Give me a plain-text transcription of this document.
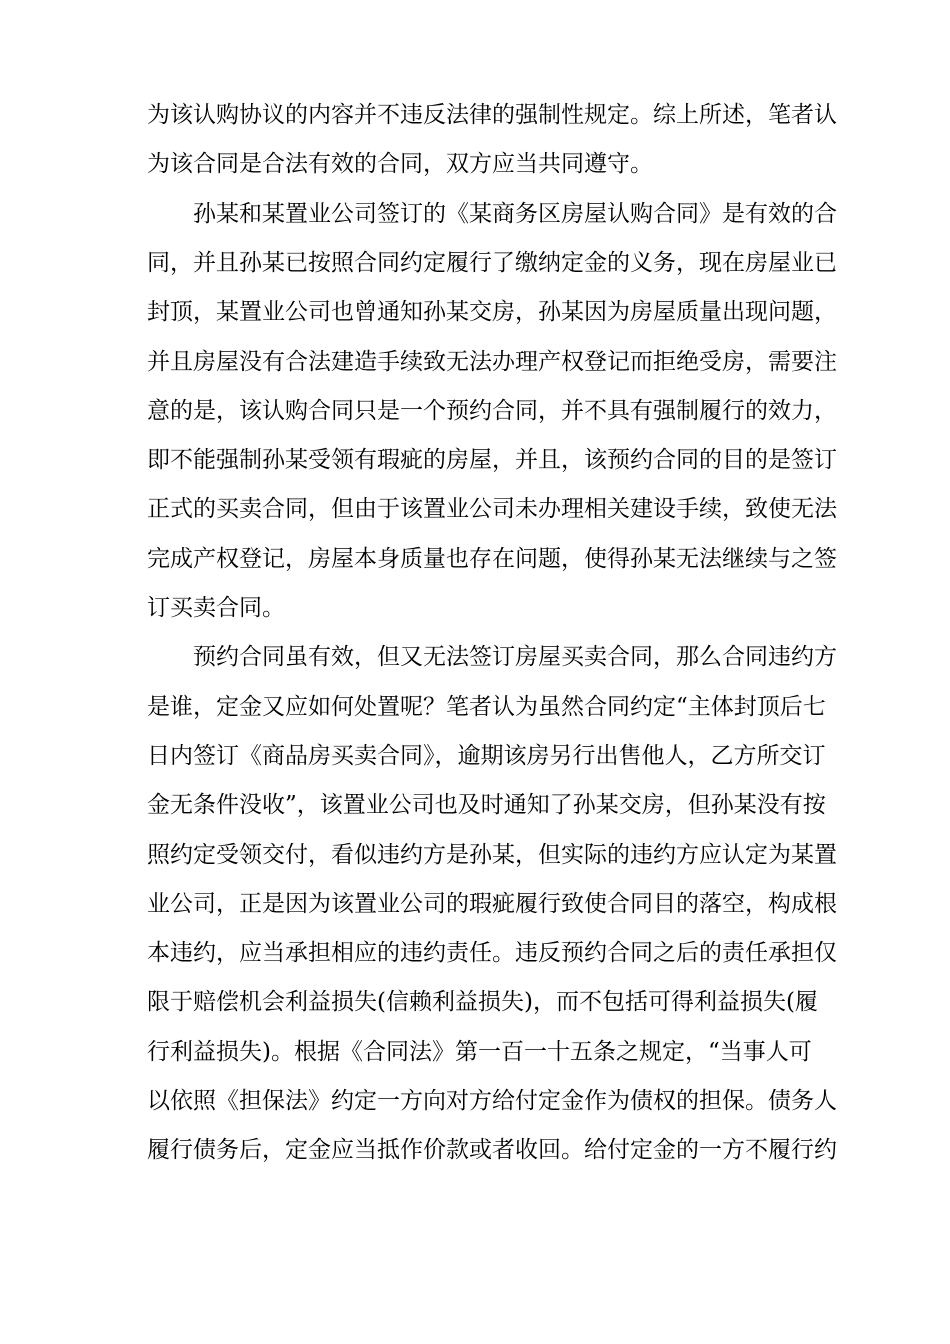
为该认购协议的内容并不违反法律的强制性规定。综上所述，笔者认
为该合同是合法有效的合同，双方应当共同遵守。
孙某和某置业公司签订的《某商务区房屋认购合同》是有效的合
同，并且孙某已按照合同约定履行了缴纳定金的义务，现在房屋业已
封顶，某置业公司也曾通知孙某交房，孙某因为房屋质量出现问题，
并且房屋没有合法建造手续致无法办理产权登记而拒绝受房，需要注
意的是，该认购合同只是一个预约合同，并不具有强制履行的效力，
即不能强制孙某受领有瑕疵的房屋，并且，该预约合同的目的是签订
正式的买卖合同，但由于该置业公司未办理相关建设手续，致使无法
完成产权登记，房屋本身质量也存在问题，使得孙某无法继续与之签
订买卖合同。
预约合同虽有效，但又无法签订房屋买卖合同，那么合同违约方
是谁，定金又应如何处置呢？笔者认为虽然合同约定“主体封顶后七
日内签订《商品房买卖合同》，逾期该房另行出售他人，乙方所交订
金无条件没收”，该置业公司也及时通知了孙某交房，但孙某没有按
照约定受领交付，看似违约方是孙某，但实际的违约方应认定为某置
业公司，正是因为该置业公司的瑕疵履行致使合同目的落空，构成根
本违约，应当承担相应的违约责任。违反预约合同之后的责任承担仅
限于赔偿机会利益损失(信赖利益损失)，而不包括可得利益损失(履
行利益损失)。根据《合同法》第一百一十五条之规定，“当事人可
以依照《担保法》约定一方向对方给付定金作为债权的担保。债务人
履行债务后，定金应当抵作价款或者收回。给付定金的一方不履行约
